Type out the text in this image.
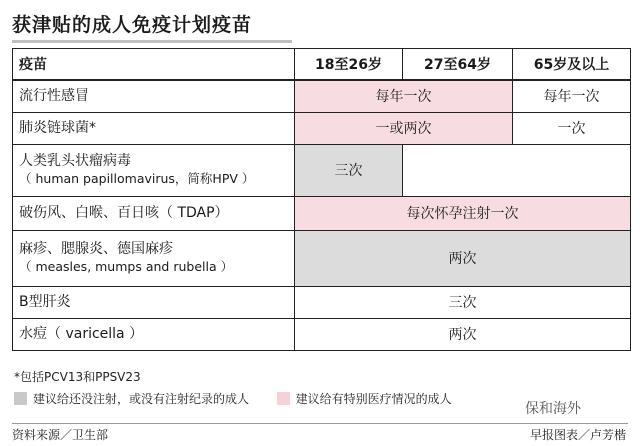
获津贴的成人免疫计划疫苗
疫苗	18至26岁	27至64岁	65岁及以上
流行性感冒	每年一次		每年一次
肺炎链球菌*	一或两次		一次

人类乳头状瘤病毒
（ human papillomavirus，简称HPV ）	三次		
破伤风、白喉、百日咳（ TDAP）	每次怀孕注射一次		

麻疹、腮腺炎、德国麻疹
（ measles, mumps and rubella ）	两次		
B型肝炎	三次		
水痘（ varicella ）	两次		
*包括PCV13和PPSV23
建议给还没注射，或没有注射纪录的成人	建议给有特别医疗情况的成人
保和海外
资料来源／卫生部	早报图表／卢芳楷
